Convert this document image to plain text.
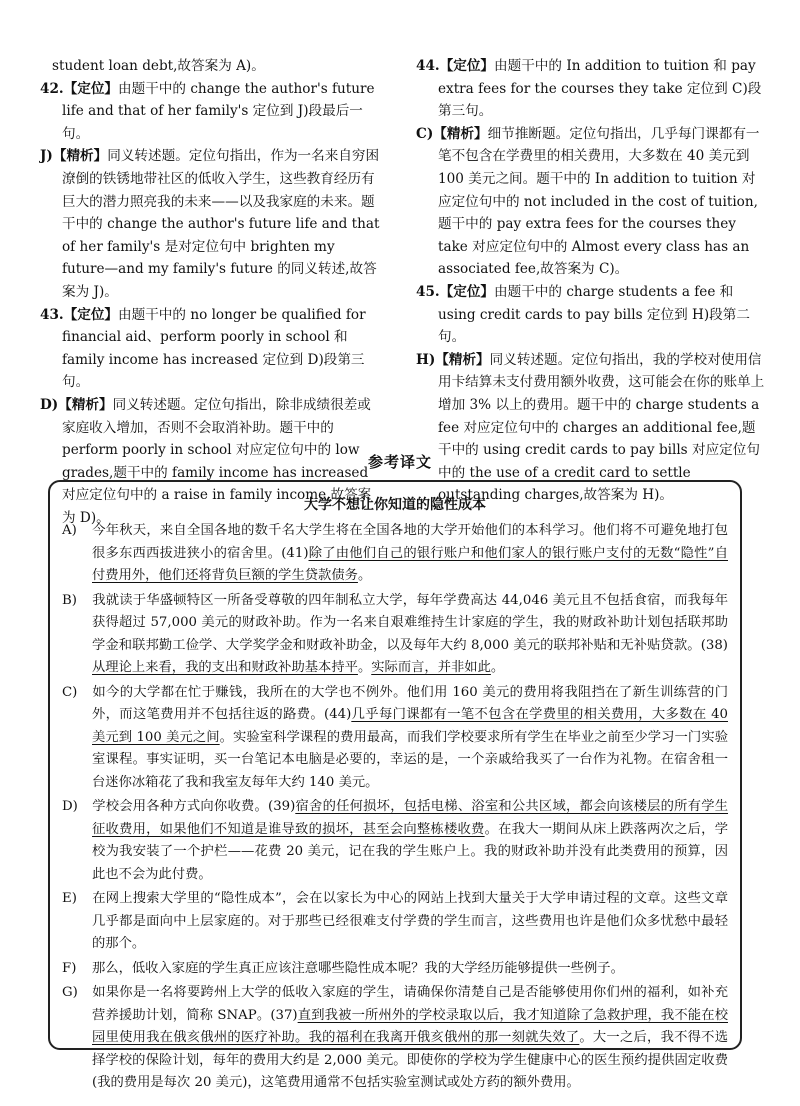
student loan debt,故答案为 A)。

42.【定位】由题干中的 change the author's future life and that of her family's 定位到 J)段最后一句。

J)【精析】同义转述题。定位句指出，作为一名来自穷困潦倒的铁锈地带社区的低收入学生，这些教育经历有巨大的潜力照亮我的未来——以及我家庭的未来。题干中的 change the author's future life and that of her family's 是对定位句中 brighten my future—and my family's future 的同义转述,故答案为 J)。

43.【定位】由题干中的 no longer be qualified for financial aid、perform poorly in school 和 family income has increased 定位到 D)段第三句。

D)【精析】同义转述题。定位句指出，除非成绩很差或家庭收入增加，否则不会取消补助。题干中的 perform poorly in school 对应定位句中的 low grades,题干中的 family income has increased 对应定位句中的 a raise in family income,故答案为 D)。

44.【定位】由题干中的 In addition to tuition 和 pay extra fees for the courses they take 定位到 C)段第三句。

C)【精析】细节推断题。定位句指出，几乎每门课都有一笔不包含在学费里的相关费用，大多数在 40 美元到 100 美元之间。题干中的 In addition to tuition 对应定位句中的 not included in the cost of tuition,题干中的 pay extra fees for the courses they take 对应定位句中的 Almost every class has an associated fee,故答案为 C)。

45.【定位】由题干中的 charge students a fee 和 using credit cards to pay bills 定位到 H)段第二句。

H)【精析】同义转述题。定位句指出，我的学校对使用信用卡结算未支付费用额外收费，这可能会在你的账单上增加 3% 以上的费用。题干中的 charge students a fee 对应定位句中的 charges an additional fee,题干中的 using credit cards to pay bills 对应定位句中的 the use of a credit card to settle outstanding charges,故答案为 H)。

参考译文
大学不想让你知道的隐性成本

A) 今年秋天，来自全国各地的数千名大学生将在全国各地的大学开始他们的本科学习。他们将不可避免地打包很多东西西拔进狭小的宿舍里。(41)除了由他们自己的银行账户和他们家人的银行账户支付的无数“隐性”自付费用外，他们还将背负巨额的学生贷款债务。

B) 我就读于华盛顿特区一所备受尊敬的四年制私立大学，每年学费高达 44,046 美元且不包括食宿，而我每年获得超过 57,000 美元的财政补助。作为一名来自艰难维持生计家庭的学生，我的财政补助计划包括联邦助学金和联邦勤工俭学、大学奖学金和财政补助金，以及每年大约 8,000 美元的联邦补贴和无补贴贷款。(38)从理论上来看，我的支出和财政补助基本持平。实际而言，并非如此。

C) 如今的大学都在忙于赚钱，我所在的大学也不例外。他们用 160 美元的费用将我阻挡在了新生训练营的门外，而这笔费用并不包括往返的路费。(44)几乎每门课都有一笔不包含在学费里的相关费用，大多数在 40 美元到 100 美元之间。实验室科学课程的费用最高，而我们学校要求所有学生在毕业之前至少学习一门实验室课程。事实证明，买一台笔记本电脑是必要的，幸运的是，一个亲戚给我买了一台作为礼物。在宿舍租一台迷你冰箱花了我和我室友每年大约 140 美元。

D) 学校会用各种方式向你收费。(39)宿舍的任何损坏，包括电梯、浴室和公共区域，都会向该楼层的所有学生征收费用，如果他们不知道是谁导致的损坏，甚至会向整栋楼收费。在我大一期间从床上跌落两次之后，学校为我安装了一个护栏——花费 20 美元，记在我的学生账户上。我的财政补助并没有此类费用的预算，因此也不会为此付费。

E) 在网上搜索大学里的“隐性成本”，会在以家长为中心的网站上找到大量关于大学申请过程的文章。这些文章几乎都是面向中上层家庭的。对于那些已经很难支付学费的学生而言，这些费用也许是他们众多忧愁中最轻的那个。

F) 那么，低收入家庭的学生真正应该注意哪些隐性成本呢？我的大学经历能够提供一些例子。

G) 如果你是一名将要跨州上大学的低收入家庭的学生，请确保你清楚自己是否能够使用你们州的福利，如补充营养援助计划，简称 SNAP。(37)直到我被一所州外的学校录取以后，我才知道除了急救护理，我不能在校园里使用我在俄亥俄州的医疗补助。我的福利在我离开俄亥俄州的那一刻就失效了。大一之后，我不得不选择学校的保险计划，每年的费用大约是 2,000 美元。即使你的学校为学生健康中心的医生预约提供固定收费(我的费用是每次 20 美元)，这笔费用通常不包括实验室测试或处方药的额外费用。
